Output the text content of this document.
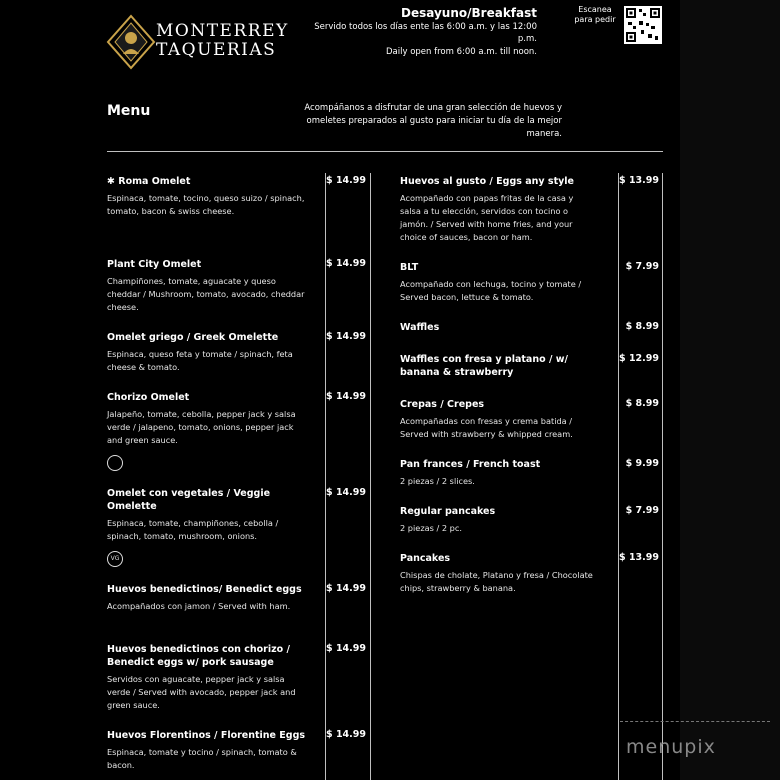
MONTERREY
TAQUERIAS
Desayuno/Breakfast
Servido todos los días ente las 6:00 a.m. y las 12:00
p.m.
Daily open from 6:00 a.m. till noon.
Escanea para pedir
Menu	Acompáñanos a disfrutar de una gran selección de huevos y omeletes preparados al gusto para iniciar tu día de la mejor manera.
✱ Roma Omelet
Espinaca, tomate, tocino, queso suizo / spinach, tomato, bacon & swiss cheese.
$ 14.99
Plant City Omelet
Champiñones, tomate, aguacate y queso cheddar / Mushroom, tomato, avocado, cheddar cheese.
$ 14.99
Omelet griego / Greek Omelette
Espinaca, queso feta y tomate / spinach, feta cheese & tomato.
$ 14.99
Chorizo Omelet
Jalapeño, tomate, cebolla, pepper jack y salsa verde / jalapeno, tomato, onions, pepper jack and green sauce.
$ 14.99
Omelet con vegetales / Veggie Omelette
Espinaca, tomate, champiñones, cebolla / spinach, tomato, mushroom, onions.
$ 14.99
VG
Huevos benedictinos/ Benedict eggs
Acompañados con jamon / Served with ham.
$ 14.99
Huevos benedictinos con chorizo / Benedict eggs w/ pork sausage
Servidos con aguacate, pepper jack y salsa verde / Served with avocado, pepper jack and green sauce.
$ 14.99
Huevos Florentinos / Florentine Eggs
Espinaca, tomate y tocino / spinach, tomato & bacon.
$ 14.99
Huevos al gusto / Eggs any style
Acompañado con papas fritas de la casa y salsa a tu elección, servidos con tocino o jamón. / Served with home fries, and your choice of sauces, bacon or ham.
$ 13.99
BLT
Acompañado con lechuga, tocino y tomate / Served bacon, lettuce & tomato.
$ 7.99
Waffles	$ 8.99
Waffles con fresa y platano / w/ banana & strawberry
$ 12.99
Crepas / Crepes
Acompañadas con fresas y crema batida / Served with strawberry & whipped cream.
$ 8.99
Pan frances / French toast
2 piezas / 2 slices.
$ 9.99
Regular pancakes
2 piezas / 2 pc.
$ 7.99
Pancakes
Chispas de cholate, Platano y fresa / Chocolate chips, strawberry & banana.
$ 13.99
menupix
